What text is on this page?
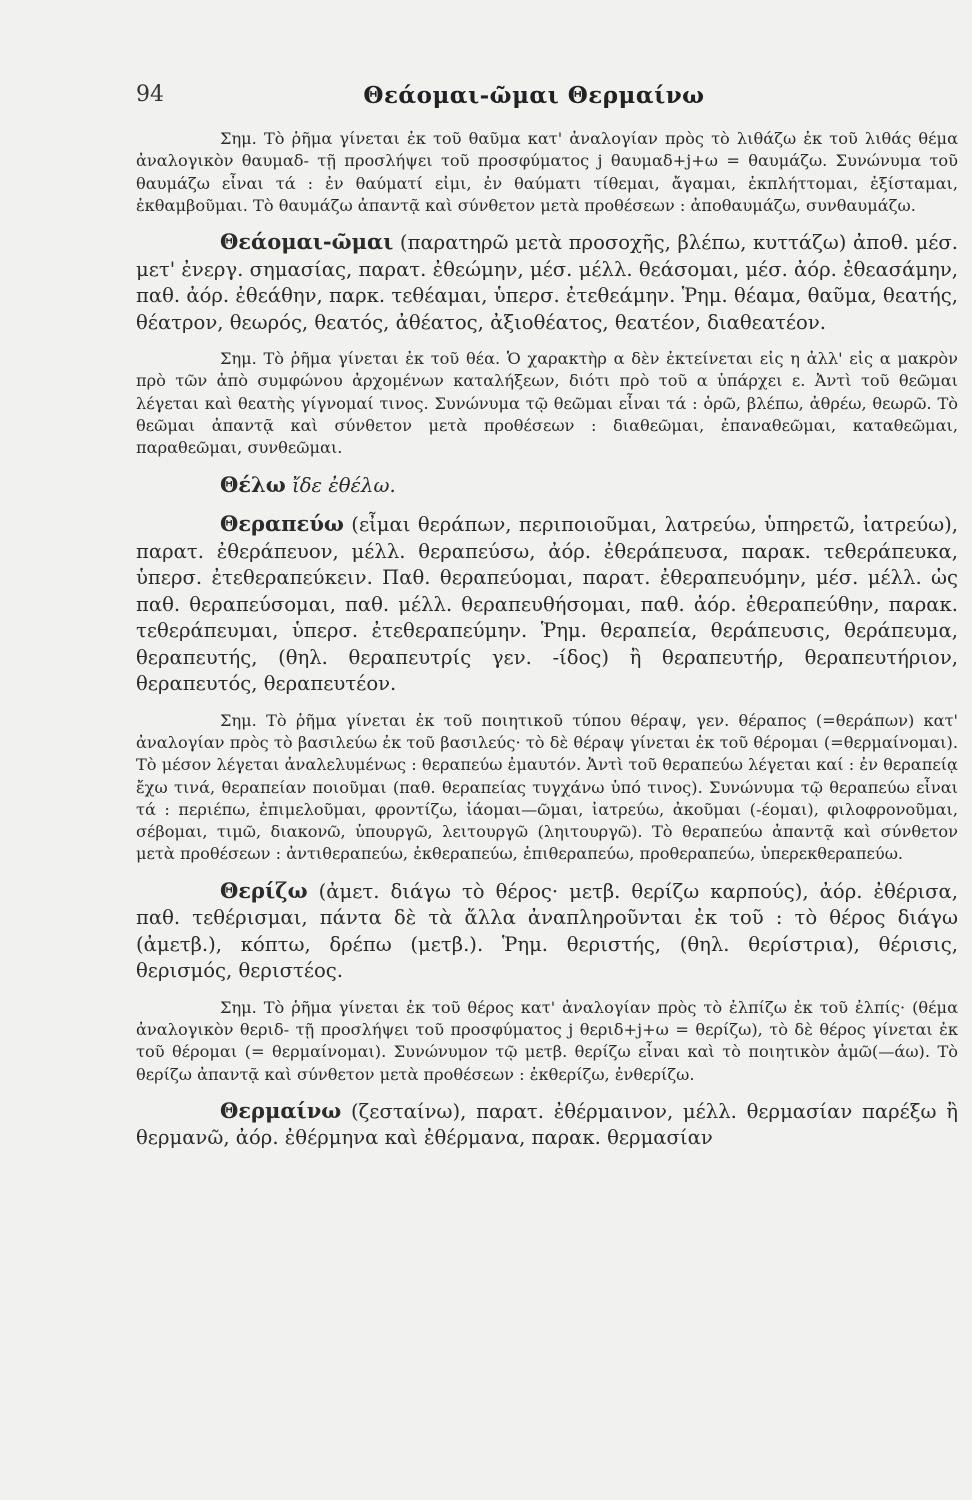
94	Θεάομαι-ῶμαι Θερμαίνω

Σημ. Τὸ ῥῆμα γίνεται ἐκ τοῦ θαῦμα κατ' ἀναλογίαν πρὸς τὸ λιθάζω ἐκ τοῦ λιθάς θέμα ἀναλογικὸν θαυμαδ- τῇ προσλήψει τοῦ προσφύματος j θαυμαδ+j+ω = θαυμάζω. Συνώνυμα τοῦ θαυμάζω εἶναι τά : ἐν θαύματί εἰμι, ἐν θαύματι τίθεμαι, ἄγαμαι, ἐκπλήττομαι, ἐξίσταμαι, ἐκθαμβοῦμαι. Τὸ θαυμάζω ἀπαντᾷ καὶ σύνθετον μετὰ προθέσεων : ἀποθαυμάζω, συνθαυμάζω.

Θεάομαι-ῶμαι (παρατηρῶ μετὰ προσοχῆς, βλέπω, κυττάζω) ἀποθ. μέσ. μετ' ἐνεργ. σημασίας, παρατ. ἐθεώμην, μέσ. μέλλ. θεάσομαι, μέσ. ἀόρ. ἐθεασάμην, παθ. ἀόρ. ἐθεάθην, παρκ. τεθέαμαι, ὑπερσ. ἐτεθεάμην. Ῥημ. θέαμα, θαῦμα, θεατής, θέατρον, θεωρός, θεατός, ἀθέατος, ἀξιοθέατος, θεατέον, διαθεατέον.

Σημ. Τὸ ῥῆμα γίνεται ἐκ τοῦ θέα. Ὁ χαρακτὴρ α δὲν ἐκτείνεται εἰς η ἀλλ' εἰς α μακρὸν πρὸ τῶν ἀπὸ συμφώνου ἀρχομένων καταλήξεων, διότι πρὸ τοῦ α ὑπάρχει ε. Ἀντὶ τοῦ θεῶμαι λέγεται καὶ θεατὴς γίγνομαί τινος. Συνώνυμα τῷ θεῶμαι εἶναι τά : ὁρῶ, βλέπω, ἀθρέω, θεωρῶ. Τὸ θεῶμαι ἀπαντᾷ καὶ σύνθετον μετὰ προθέσεων : διαθεῶμαι, ἐπαναθεῶμαι, καταθεῶμαι, παραθεῶμαι, συνθεῶμαι.

Θέλω ἴδε ἐθέλω.

Θεραπεύω (εἶμαι θεράπων, περιποιοῦμαι, λατρεύω, ὑπηρετῶ, ἰατρεύω), παρατ. ἐθεράπευον, μέλλ. θεραπεύσω, ἀόρ. ἐθεράπευσα, παρακ. τεθεράπευκα, ὑπερσ. ἐτεθεραπεύκειν. Παθ. θεραπεύομαι, παρατ. ἐθεραπευόμην, μέσ. μέλλ. ὡς παθ. θεραπεύσομαι, παθ. μέλλ. θεραπευθήσομαι, παθ. ἀόρ. ἐθεραπεύθην, παρακ. τεθεράπευμαι, ὑπερσ. ἐτεθεραπεύμην. Ῥημ. θεραπεία, θεράπευσις, θεράπευμα, θεραπευτής, (θηλ. θεραπευτρίς γεν. -ίδος) ἢ θεραπευτήρ, θεραπευτήριον, θεραπευτός, θεραπευτέον.

Σημ. Τὸ ῥῆμα γίνεται ἐκ τοῦ ποιητικοῦ τύπου θέραψ, γεν. θέραπος (=θεράπων) κατ' ἀναλογίαν πρὸς τὸ βασιλεύω ἐκ τοῦ βασιλεύς· τὸ δὲ θέραψ γίνεται ἐκ τοῦ θέρομαι (=θερμαίνομαι). Τὸ μέσον λέγεται ἀναλελυμένως : θεραπεύω ἐμαυτόν. Ἀντὶ τοῦ θεραπεύω λέγεται καί : ἐν θεραπείᾳ ἔχω τινά, θεραπείαν ποιοῦμαι (παθ. θεραπείας τυγχάνω ὑπό τινος). Συνώνυμα τῷ θεραπεύω εἶναι τά : περιέπω, ἐπιμελοῦμαι, φροντίζω, ἰάομαι—ῶμαι, ἰατρεύω, ἀκοῦμαι (-έομαι), φιλοφρονοῦμαι, σέβομαι, τιμῶ, διακονῶ, ὑπουργῶ, λειτουργῶ (ληιτουργῶ). Τὸ θεραπεύω ἀπαντᾷ καὶ σύνθετον μετὰ προθέσεων : ἀντιθεραπεύω, ἐκθεραπεύω, ἐπιθεραπεύω, προθεραπεύω, ὑπερεκθεραπεύω.

Θερίζω (ἀμετ. διάγω τὸ θέρος· μετβ. θερίζω καρπούς), ἀόρ. ἐθέρισα, παθ. τεθέρισμαι, πάντα δὲ τὰ ἄλλα ἀναπληροῦνται ἐκ τοῦ : τὸ θέρος διάγω (ἀμετβ.), κόπτω, δρέπω (μετβ.). Ῥημ. θεριστής, (θηλ. θερίστρια), θέρισις, θερισμός, θεριστέος.

Σημ. Τὸ ῥῆμα γίνεται ἐκ τοῦ θέρος κατ' ἀναλογίαν πρὸς τὸ ἐλπίζω ἐκ τοῦ ἐλπίς· (θέμα ἀναλογικὸν θεριδ- τῇ προσλήψει τοῦ προσφύματος j θεριδ+j+ω = θερίζω), τὸ δὲ θέρος γίνεται ἐκ τοῦ θέρομαι (= θερμαίνομαι). Συνώνυμον τῷ μετβ. θερίζω εἶναι καὶ τὸ ποιητικὸν ἀμῶ(—άω). Τὸ θερίζω ἀπαντᾷ καὶ σύνθετον μετὰ προθέσεων : ἐκθερίζω, ἐνθερίζω.

Θερμαίνω (ζεσταίνω), παρατ. ἐθέρμαινον, μέλλ. θερμασίαν παρέξω ἢ θερμανῶ, ἀόρ. ἐθέρμηνα καὶ ἐθέρμανα, παρακ. θερμασίαν
